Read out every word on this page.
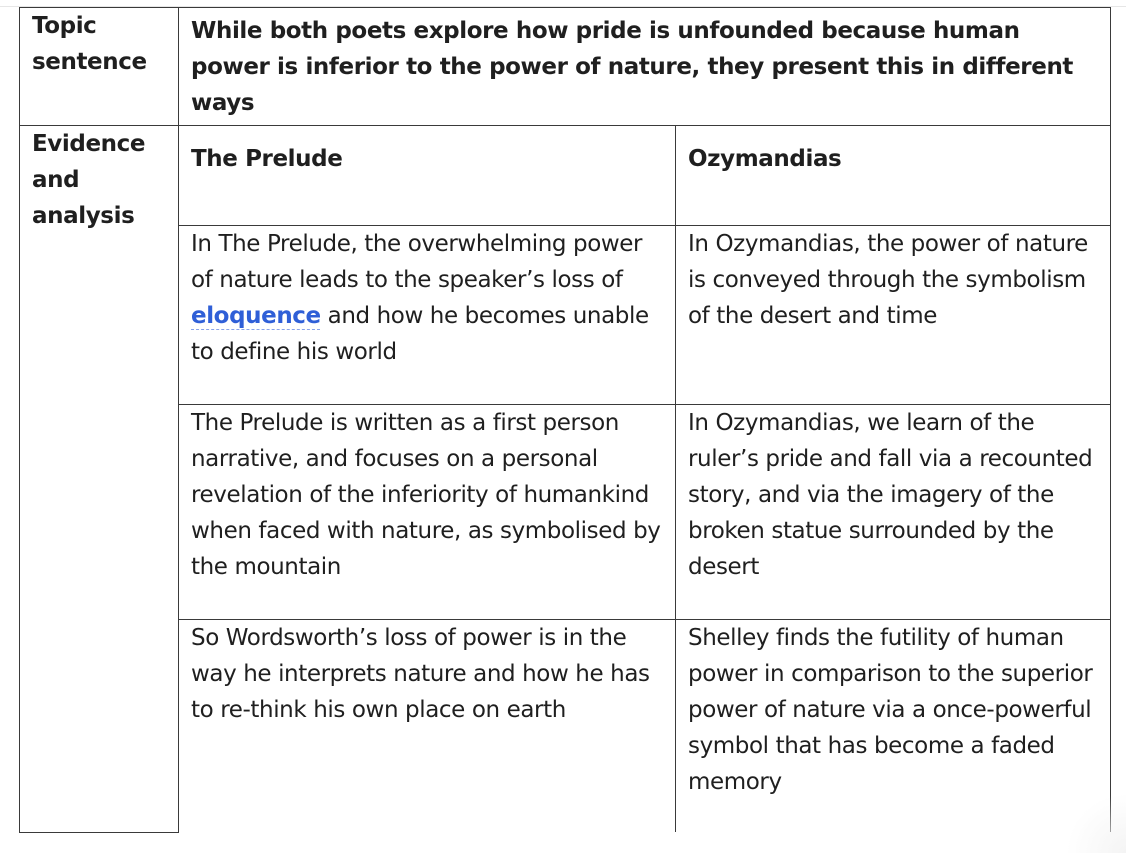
Topic sentence	While both poets explore how pride is unfounded because human power is inferior to the power of nature, they present this in different ways	
Evidence and analysis	The Prelude	Ozymandias
	In The Prelude, the overwhelming power of nature leads to the speaker’s loss of eloquence and how he becomes unable to define his world	In Ozymandias, the power of nature is conveyed through the symbolism of the desert and time
	The Prelude is written as a first person narrative, and focuses on a personal revelation of the inferiority of humankind when faced with nature, as symbolised by the mountain	In Ozymandias, we learn of the ruler’s pride and fall via a recounted story, and via the imagery of the broken statue surrounded by the desert
	So Wordsworth’s loss of power is in the way he interprets nature and how he has to re-think his own place on earth	Shelley finds the futility of human power in comparison to the superior power of nature via a once-powerful symbol that has become a faded memory
